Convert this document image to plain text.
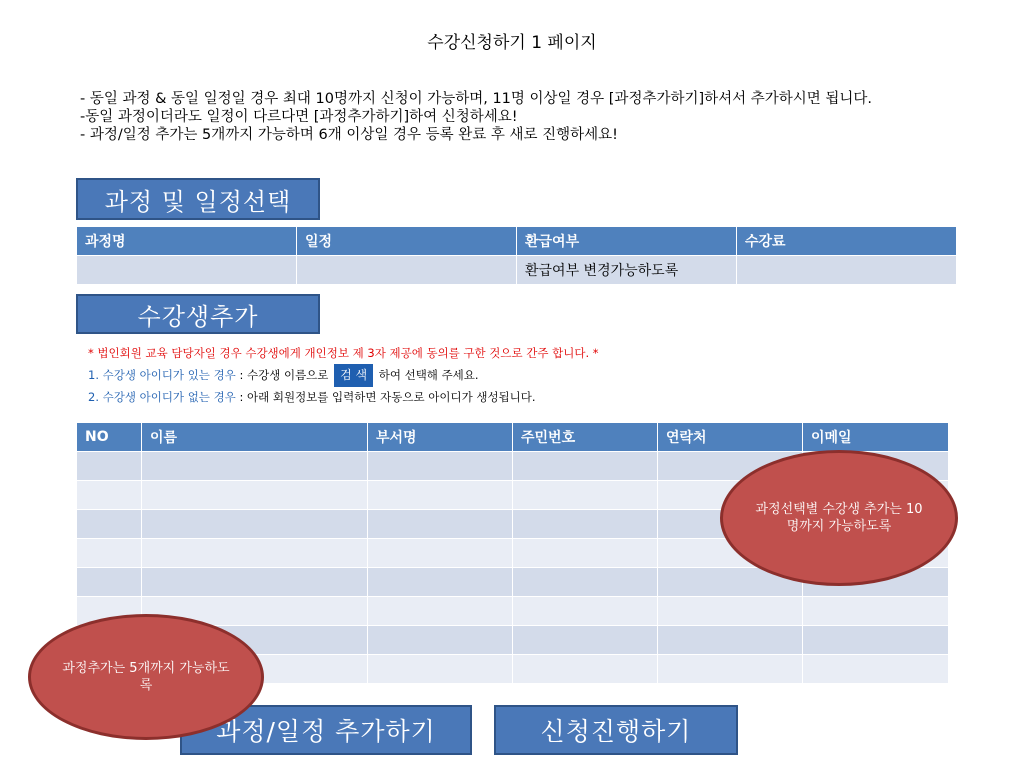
수강신청하기 1 페이지
- 동일 과정 & 동일 일정일 경우 최대 10명까지 신청이 가능하며, 11명 이상일 경우 [과정추가하기]하셔서 추가하시면 됩니다.
-동일 과정이더라도 일정이 다르다면 [과정추가하기]하여 신청하세요!
- 과정/일정 추가는 5개까지 가능하며 6개 이상일 경우 등록 완료 후 새로 진행하세요!
과정 및 일정선택
과정명	일정	환급여부	수강료
		환급여부 변경가능하도록	
수강생추가
* 법인회원 교육 담당자일 경우 수강생에게 개인정보 제 3자 제공에 동의를 구한 것으로 간주 합니다. *
1. 수강생 아이디가 있는 경우 : 수강생 이름으로 검 색 하여 선택해 주세요.
2. 수강생 아이디가 없는 경우 : 아래 회원정보를 입력하면 자동으로 아이디가 생성됩니다.
NO	이름	부서명	주민번호	연락처	이메일

과정선택별 수강생 추가는 10명까지 가능하도록
과정/일정 추가하기	신청진행하기
과정추가는 5개까지 가능하도록
